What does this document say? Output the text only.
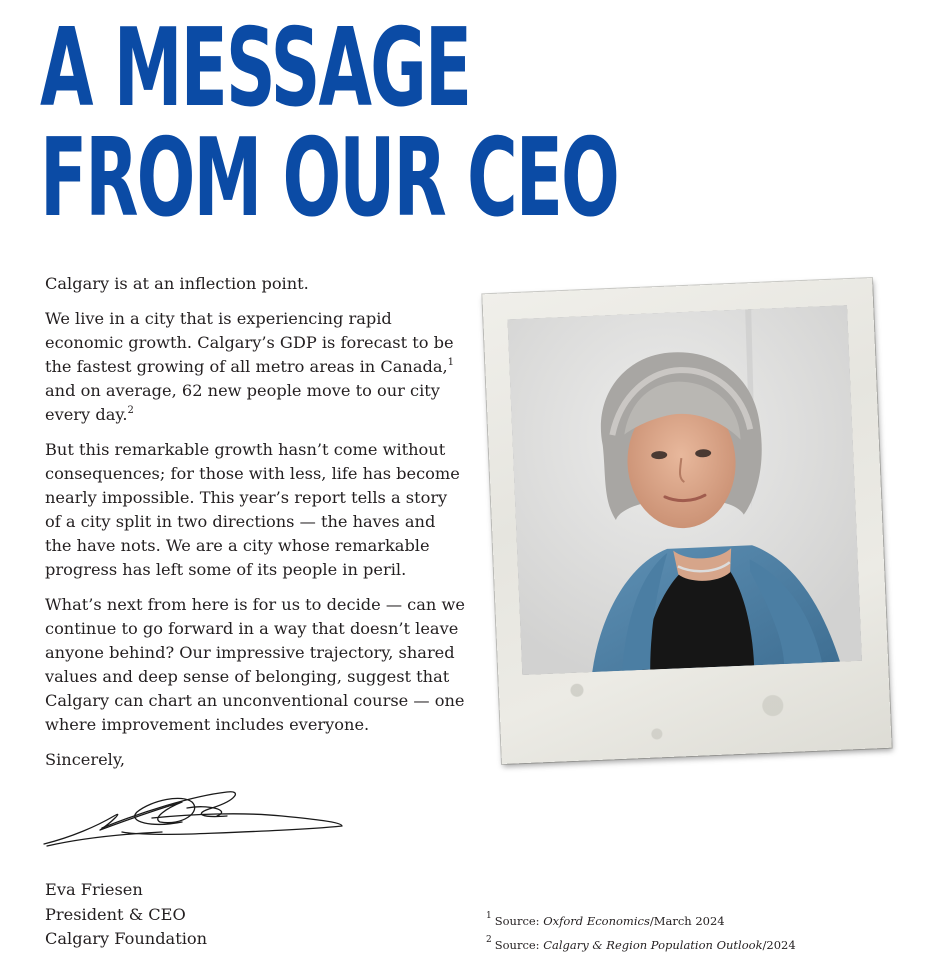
A MESSAGE
FROM OUR CEO

Calgary is at an inflection point.

We live in a city that is experiencing rapid economic growth. Calgary’s GDP is forecast to be the fastest growing of all metro areas in Canada,$^1$ and on average, 62 new people move to our city every day.$^2$

But this remarkable growth hasn’t come without consequences; for those with less, life has become nearly impossible. This year’s report tells a story of a city split in two directions — the haves and the have nots. We are a city whose remarkable progress has left some of its people in peril.

What’s next from here is for us to decide — can we continue to go forward in a way that doesn’t leave anyone behind? Our impressive trajectory, shared values and deep sense of belonging, suggest that Calgary can chart an unconventional course — one where improvement includes everyone.

Sincerely,

Eva Friesen
President & CEO
Calgary Foundation
$^1$ Source: Oxford Economics/March 2024
$^2$ Source: Calgary & Region Population Outlook/2024
